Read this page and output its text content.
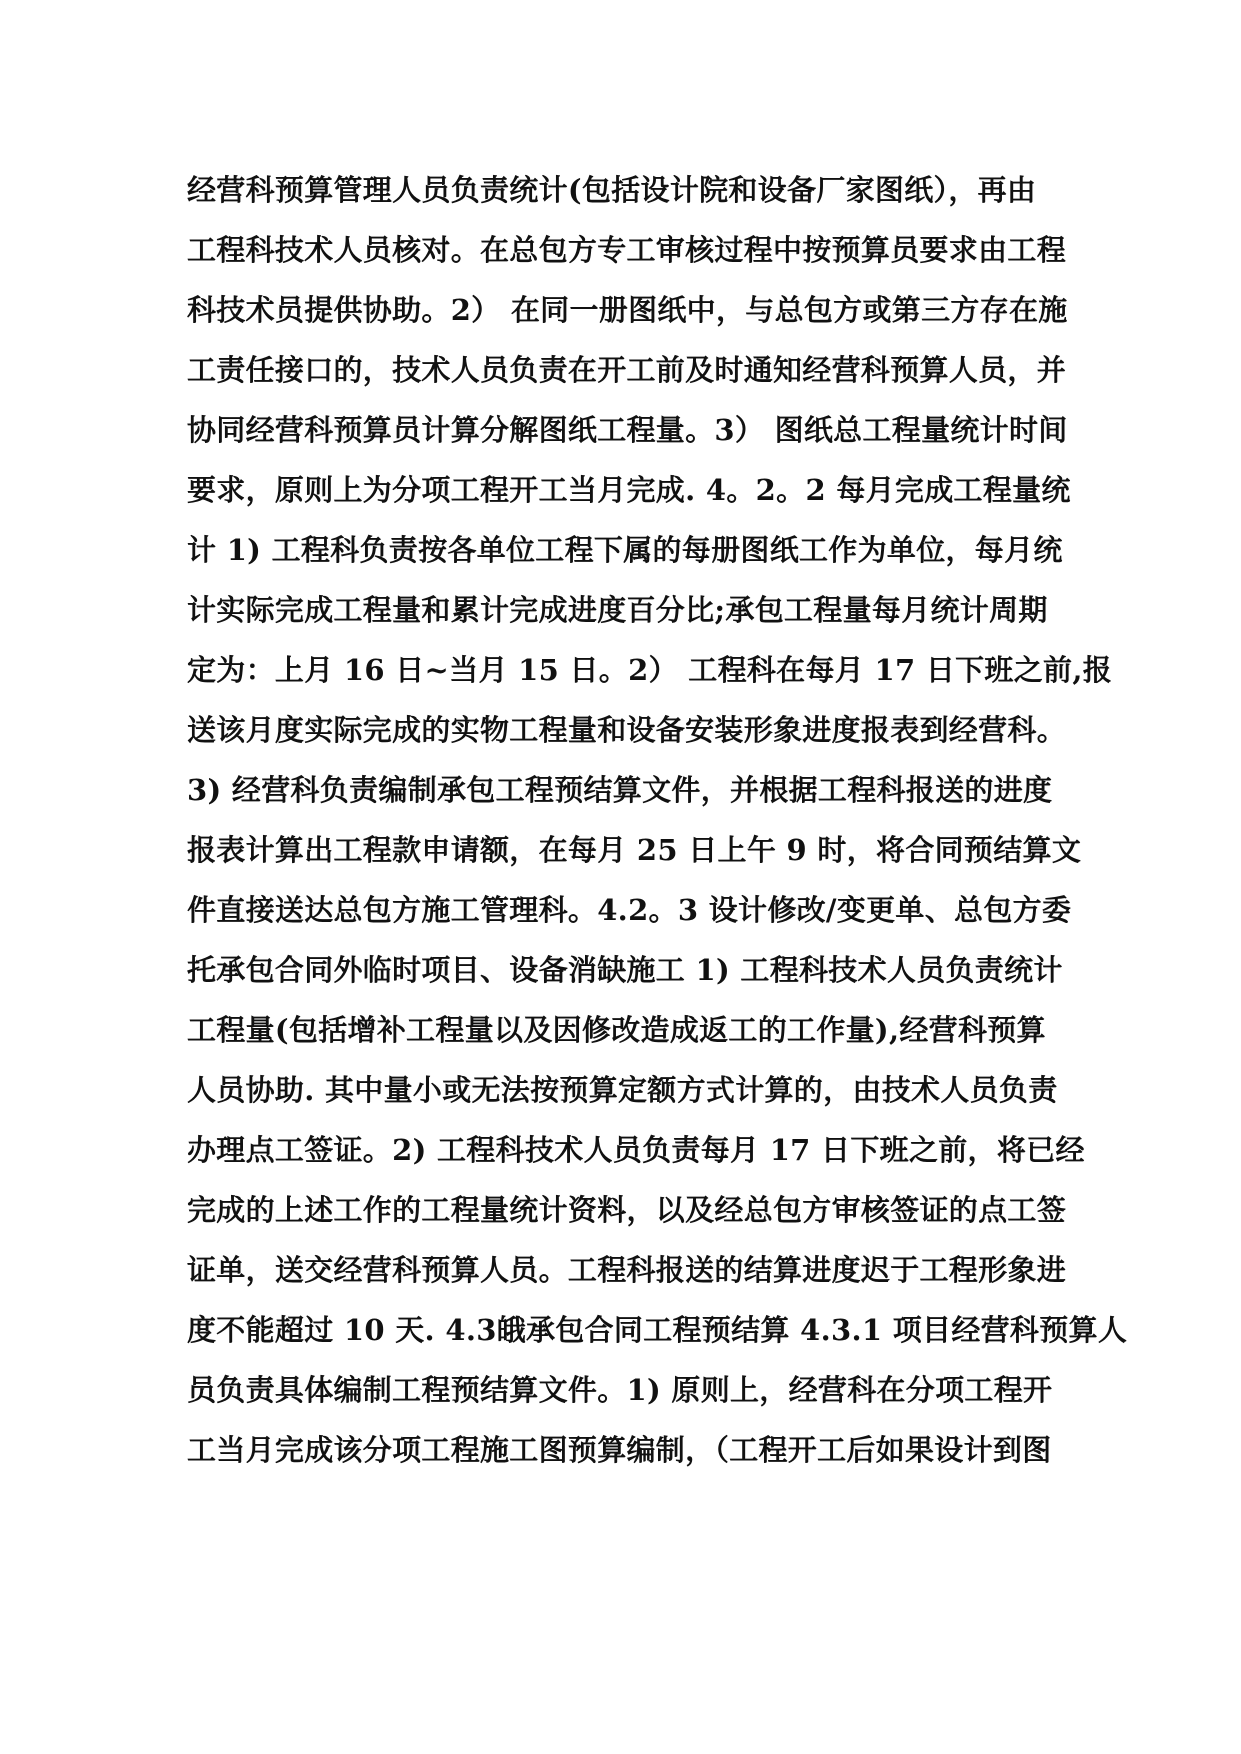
经营科预算管理人员负责统计(包括设计院和设备厂家图纸），再由
工程科技术人员核对。在总包方专工审核过程中按预算员要求由工程
科技术员提供协助。2） 在同一册图纸中，与总包方或第三方存在施
工责任接口的，技术人员负责在开工前及时通知经营科预算人员，并
协同经营科预算员计算分解图纸工程量。3） 图纸总工程量统计时间
要求，原则上为分项工程开工当月完成. 4。2。2 每月完成工程量统
计 1) 工程科负责按各单位工程下属的每册图纸工作为单位，每月统
计实际完成工程量和累计完成进度百分比;承包工程量每月统计周期
定为：上月 16 日~当月 15 日。2） 工程科在每月 17 日下班之前,报
送该月度实际完成的实物工程量和设备安装形象进度报表到经营科。
3) 经营科负责编制承包工程预结算文件，并根据工程科报送的进度
报表计算出工程款申请额，在每月 25 日上午 9 时，将合同预结算文
件直接送达总包方施工管理科。4.2。3 设计修改/变更单、总包方委
托承包合同外临时项目、设备消缺施工 1) 工程科技术人员负责统计
工程量(包括增补工程量以及因修改造成返工的工作量),经营科预算
人员协助. 其中量小或无法按预算定额方式计算的，由技术人员负责
办理点工签证。2) 工程科技术人员负责每月 17 日下班之前，将已经
完成的上述工作的工程量统计资料，以及经总包方审核签证的点工签
证单，送交经营科预算人员。工程科报送的结算进度迟于工程形象进
度不能超过 10 天. 4.3皒承包合同工程预结算 4.3.1 项目经营科预算人
员负责具体编制工程预结算文件。1) 原则上，经营科在分项工程开
工当月完成该分项工程施工图预算编制，（工程开工后如果设计到图
